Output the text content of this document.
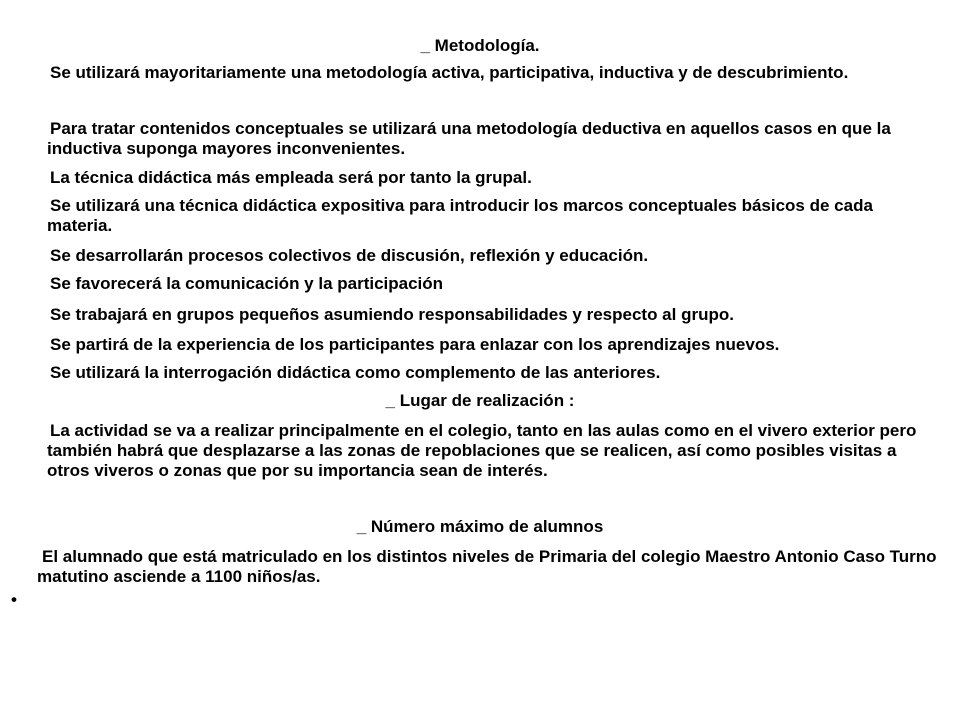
_ Metodología.
Se utilizará mayoritariamente una metodología activa, participativa, inductiva y de descubrimiento.
Para tratar contenidos conceptuales se utilizará una metodología deductiva en aquellos casos en que la inductiva suponga mayores inconvenientes.
La técnica didáctica más empleada será por tanto la grupal.
Se utilizará una técnica didáctica expositiva para introducir los marcos conceptuales básicos de cada materia.
Se desarrollarán procesos colectivos de discusión, reflexión y educación.
Se favorecerá la comunicación y la participación
Se trabajará en grupos pequeños asumiendo responsabilidades y respecto al grupo.
Se partirá de la experiencia de los participantes para enlazar con los aprendizajes nuevos.
Se utilizará la interrogación didáctica como complemento de las anteriores.
_ Lugar de realización :
La actividad se va a realizar principalmente en el colegio, tanto en las aulas como en el vivero exterior pero también habrá que desplazarse a las zonas de repoblaciones que se realicen, así como posibles visitas a otros viveros o zonas que por su importancia sean de interés.
_ Número máximo de alumnos
El alumnado que está matriculado en los distintos niveles de Primaria del colegio Maestro Antonio Caso Turno matutino asciende a 1100 niños/as.
•
